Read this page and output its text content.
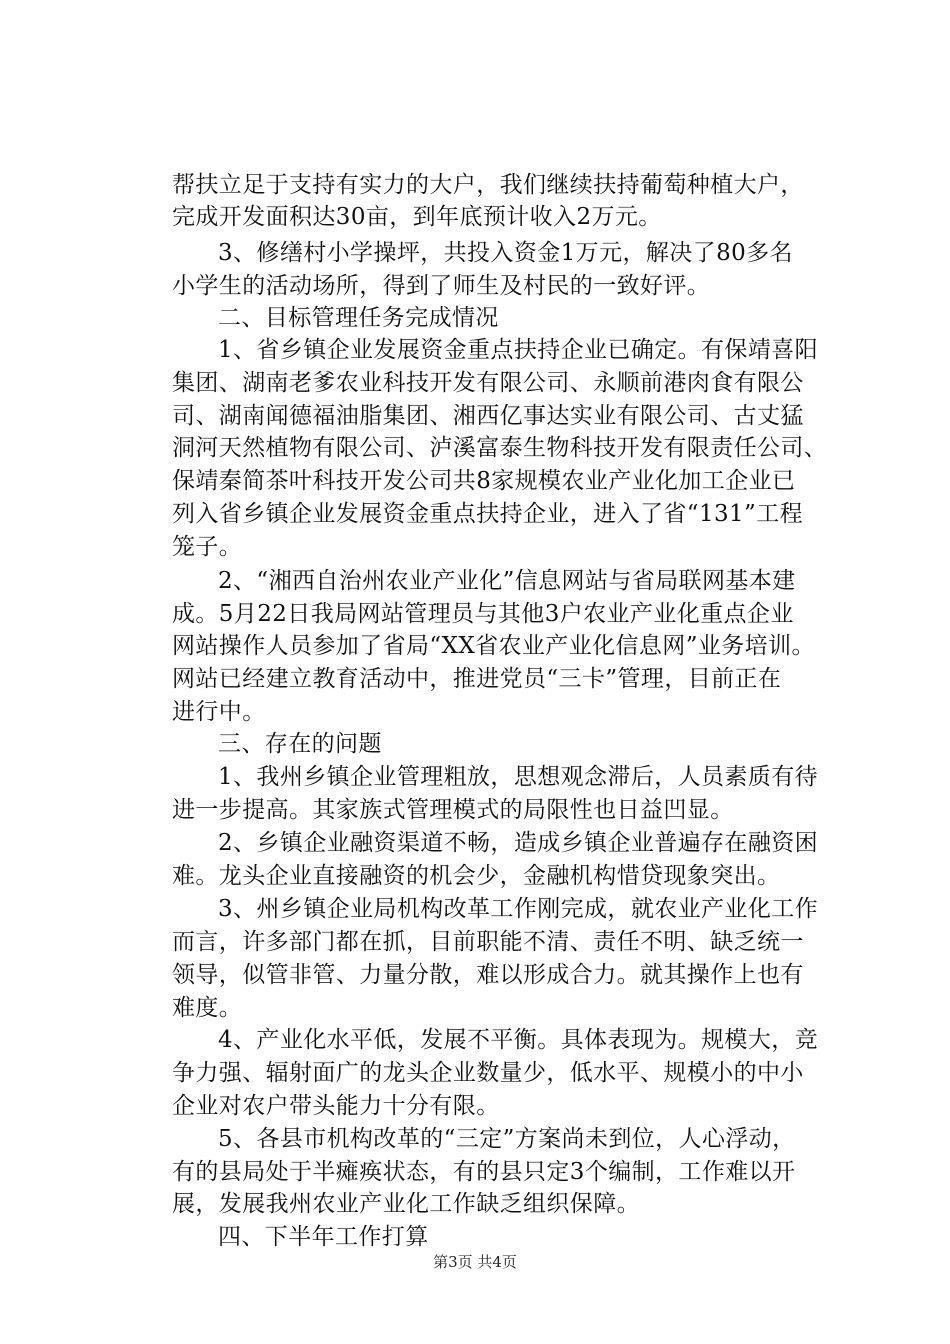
帮扶立足于支持有实力的大户，我们继续扶持葡萄种植大户，
完成开发面积达30亩，到年底预计收入2万元。
3、修缮村小学操坪，共投入资金1万元，解决了80多名
小学生的活动场所，得到了师生及村民的一致好评。
二、目标管理任务完成情况
1、省乡镇企业发展资金重点扶持企业已确定。有保靖喜阳
集团、湖南老爹农业科技开发有限公司、永顺前港肉食有限公
司、湖南闻德福油脂集团、湘西亿事达实业有限公司、古丈猛
洞河天然植物有限公司、泸溪富泰生物科技开发有限责任公司、
保靖秦简茶叶科技开发公司共8家规模农业产业化加工企业已
列入省乡镇企业发展资金重点扶持企业，进入了省“131”工程
笼子。
2、“湘西自治州农业产业化”信息网站与省局联网基本建
成。5月22日我局网站管理员与其他3户农业产业化重点企业
网站操作人员参加了省局“XX省农业产业化信息网”业务培训。
网站已经建立教育活动中，推进党员“三卡”管理，目前正在
进行中。
三、存在的问题
1、我州乡镇企业管理粗放，思想观念滞后，人员素质有待
进一步提高。其家族式管理模式的局限性也日益凹显。
2、乡镇企业融资渠道不畅，造成乡镇企业普遍存在融资困
难。龙头企业直接融资的机会少，金融机构惜贷现象突出。
3、州乡镇企业局机构改革工作刚完成，就农业产业化工作
而言，许多部门都在抓，目前职能不清、责任不明、缺乏统一
领导，似管非管、力量分散，难以形成合力。就其操作上也有
难度。
4、产业化水平低，发展不平衡。具体表现为。规模大，竞
争力强、辐射面广的龙头企业数量少，低水平、规模小的中小
企业对农户带头能力十分有限。
5、各县市机构改革的“三定”方案尚未到位，人心浮动，
有的县局处于半瘫痪状态，有的县只定3个编制，工作难以开
展，发展我州农业产业化工作缺乏组织保障。
四、下半年工作打算
第3页 共4页
